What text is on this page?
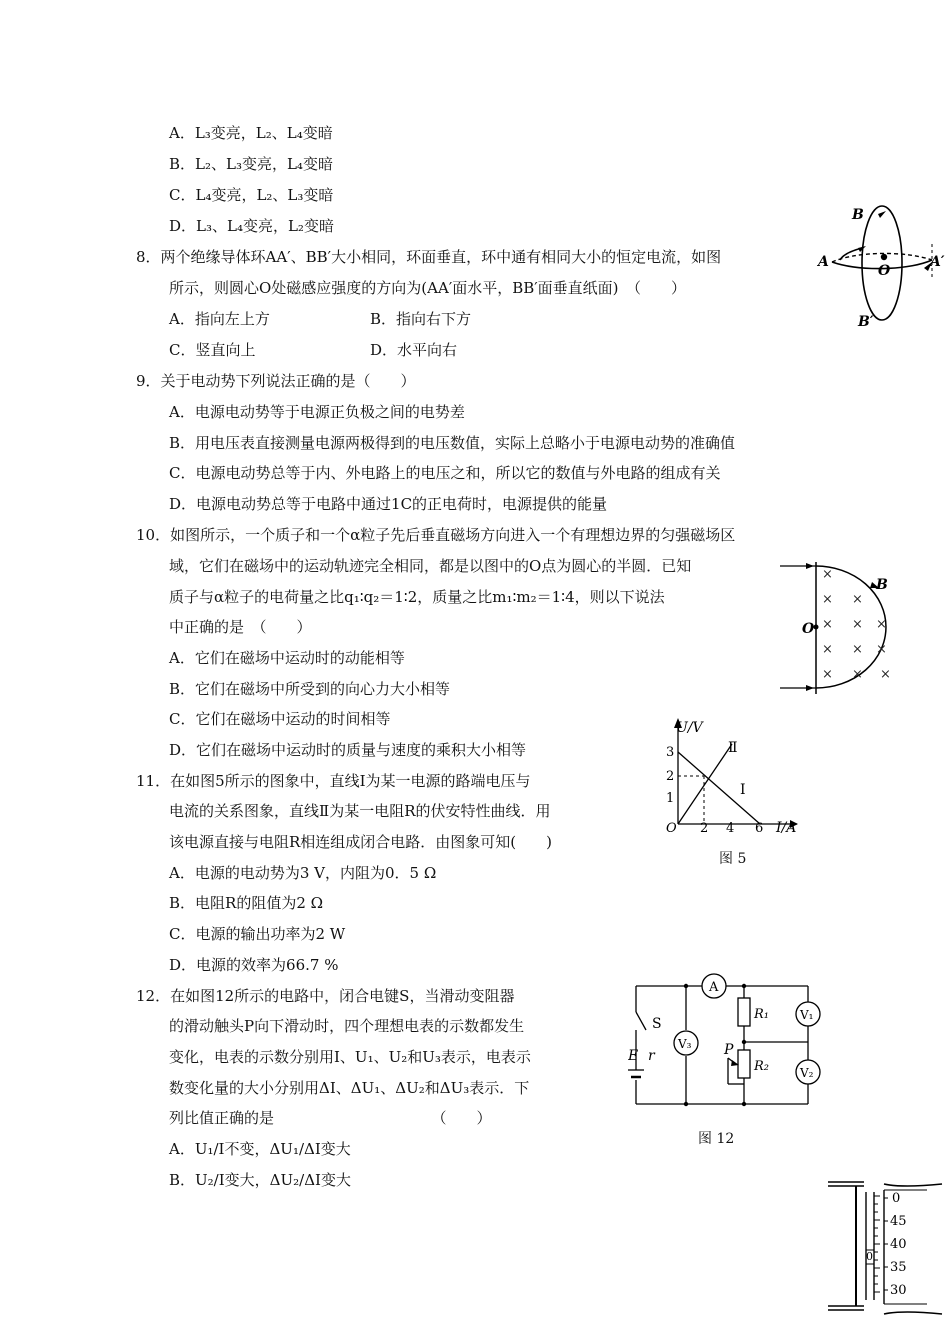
A．L₃变亮，L₂、L₄变暗
B．L₂、L₃变亮，L₄变暗
C．L₄变亮，L₂、L₃变暗
D．L₃、L₄变亮，L₂变暗
8．两个绝缘导体环AA′、BB′大小相同，环面垂直，环中通有相同大小的恒定电流，如图
所示，则圆心O处磁感应强度的方向为(AA′面水平，BB′面垂直纸面)　（　　）
A．指向左上方	B．指向右下方
C．竖直向上	D．水平向右
A	A′
B
B′
O
9．关于电动势下列说法正确的是（　　）
A．电源电动势等于电源正负极之间的电势差
B．用电压表直接测量电源两极得到的电压数值，实际上总略小于电源电动势的准确值
C．电源电动势总等于内、外电路上的电压之和，所以它的数值与外电路的组成有关
D．电源电动势总等于电路中通过1C的正电荷时，电源提供的能量
10．如图所示，一个质子和一个α粒子先后垂直磁场方向进入一个有理想边界的匀强磁场区
域，它们在磁场中的运动轨迹完全相同，都是以图中的O点为圆心的半圆．已知
质子与α粒子的电荷量之比q₁∶q₂＝1∶2，质量之比m₁∶m₂＝1∶4，则以下说法
中正确的是　（　　）
A．它们在磁场中运动时的动能相等
B．它们在磁场中所受到的向心力大小相等
C．它们在磁场中运动的时间相等
D．它们在磁场中运动时的质量与速度的乘积大小相等
O
B
×
×
×
×
×
×
×
×
×
×
×
×
11．在如图5所示的图象中，直线Ⅰ为某一电源的路端电压与
电流的关系图象，直线Ⅱ为某一电阻R的伏安特性曲线．用
该电源直接与电阻R相连组成闭合电路．由图象可知(　　)
A．电源的电动势为3 V，内阻为0．5 Ω
B．电阻R的阻值为2 Ω
C．电源的输出功率为2 W
D．电源的效率为66.7 %
U/V
I/A
O 2 4 6
1
2
3
Ⅰ
Ⅱ
图 5
12．在如图12所示的电路中，闭合电键S，当滑动变阻器
的滑动触头P向下滑动时，四个理想电表的示数都发生
变化，电表的示数分别用I、U₁、U₂和U₃表示，电表示
数变化量的大小分别用ΔI、ΔU₁、ΔU₂和ΔU₃表示．下
列比值正确的是　　　　　　　　　　　（　　）
A．U₁/I不变，ΔU₁/ΔI变大
B．U₂/I变大，ΔU₂/ΔI变大
A
V₃
V₁
V₂
R₁
R₂
S
E r	P
图 12
0
0
45
40
35
30
